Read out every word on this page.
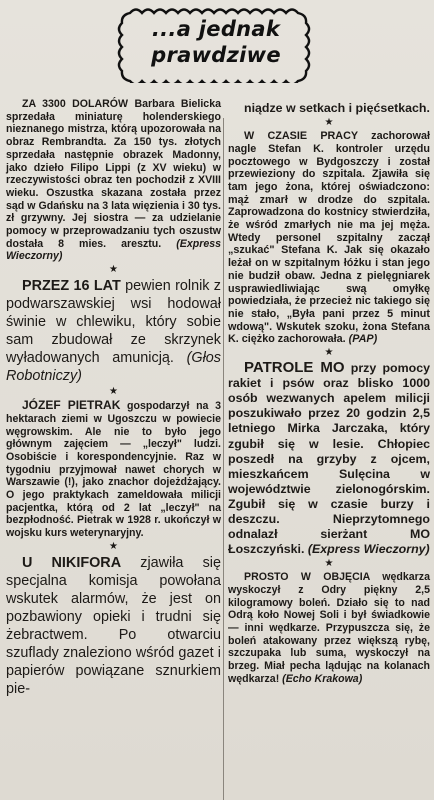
...a jednak
prawdziwe

ZA 3300 DOLARÓW Barbara Bielicka sprzedała miniaturę holenderskiego nieznanego mistrza, którą upozorowała na obraz Rembrandta. Za 150 tys. złotych sprzedała następnie obrazek Madonny, jako dzieło Filipo Lippi (z XV wieku) w rzeczywistości obraz ten pochodził z XVIII wieku. Oszustka skazana została przez sąd w Gdańsku na 3 lata więzienia i 30 tys. zł grzywny. Jej siostra — za udzielanie pomocy w przeprowadzaniu tych oszustw dostała 8 mies. aresztu. (Express Wieczorny)

★

PRZEZ 16 LAT pewien rolnik z podwarszawskiej wsi hodował świnie w chlewiku, który sobie sam zbudował ze skrzynek wyładowanych amunicją. (Głos Robotniczy)

★

JÓZEF PIETRAK gospodarzył na 3 hektarach ziemi w Ugoszczu w powiecie węgrowskim. Ale nie to było jego głównym zajęciem — „leczył" ludzi. Osobiście i korespondencyjnie. Raz w tygodniu przyjmował nawet chorych w Warszawie (!), jako znachor dojeżdżający. O jego praktykach zameldowała milicji pacjentka, którą od 2 lat „leczył" na bezpłodność. Pietrak w 1928 r. ukończył w wojsku kurs weterynaryjny.

★

U NIKIFORA zjawiła się specjalna komisja powołana wskutek alarmów, że jest on pozbawiony opieki i trudni się żebractwem. Po otwarciu szuflady znaleziono wśród gazet i papierów powiązane sznurkiem pie-

niądze w setkach i pięćsetkach.

★

W CZASIE PRACY zachorował nagle Stefan K. kontroler urzędu pocztowego w Bydgoszczy i został przewieziony do szpitala. Zjawiła się tam jego żona, której oświadczono: mąż zmarł w drodze do szpitala. Zaprowadzona do kostnicy stwierdziła, że wśród zmarłych nie ma jej męża. Wtedy personel szpitalny zaczął „szukać" Stefana K. Jak się okazało leżał on w szpitalnym łóżku i stan jego nie budził obaw. Jedna z pielęgniarek usprawiedliwiając swą omyłkę powiedziała, że przecież nic takiego się nie stało, „Była pani przez 5 minut wdową". Wskutek szoku, żona Stefana K. ciężko zachorowała. (PAP)

★

PATROLE MO przy pomocy rakiet i psów oraz blisko 1000 osób wezwanych apelem milicji poszukiwało przez 20 godzin 2,5 letniego Mirka Jarczaka, który zgubił się w lesie. Chłopiec poszedł na grzyby z ojcem, mieszkańcem Sulęcina w województwie zielonogórskim. Zgubił się w czasie burzy i deszczu. Nieprzytomnego odnalazł sierżant MO Łoszczyński. (Express Wieczorny)

★

PROSTO W OBJĘCIA wędkarza wyskoczył z Odry piękny 2,5 kilogramowy boleń. Działo się to nad Odrą koło Nowej Soli i był świadkowie — inni wędkarze. Przypuszcza się, że boleń atakowany przez większą rybę, szczupaka lub suma, wyskoczył na brzeg. Miał pecha lądując na kolanach wędkarza! (Echo Krakowa)
